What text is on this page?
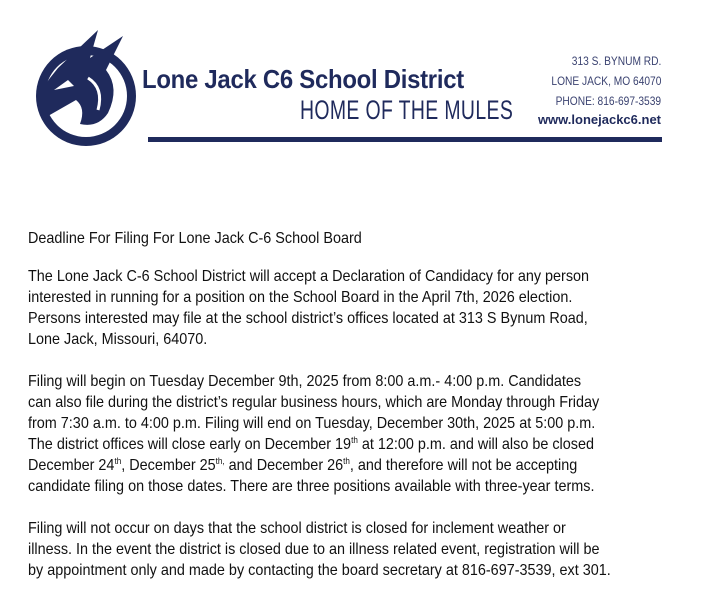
Lone Jack C6 School District
HOME OF THE MULES
313 S. BYNUM RD.
LONE JACK, MO 64070
PHONE: 816-697-3539
www.lonejackc6.net
Deadline For Filing For Lone Jack C-6 School Board
The Lone Jack C-6 School District will accept a Declaration of Candidacy for any person
interested in running for a position on the School Board in the April 7th, 2026 election.
Persons interested may file at the school district’s offices located at 313 S Bynum Road,
Lone Jack, Missouri, 64070.
Filing will begin on Tuesday December 9th, 2025 from 8:00 a.m.- 4:00 p.m. Candidates
can also file during the district’s regular business hours, which are Monday through Friday
from 7:30 a.m. to 4:00 p.m. Filing will end on Tuesday, December 30th, 2025 at 5:00 p.m.
The district offices will close early on December 19th at 12:00 p.m. and will also be closed
December 24th, December $25^{th,}$ and December 26th, and therefore will not be accepting
candidate filing on those dates. There are three positions available with three-year terms.
Filing will not occur on days that the school district is closed for inclement weather or
illness. In the event the district is closed due to an illness related event, registration will be
by appointment only and made by contacting the board secretary at 816-697-3539, ext 301.
